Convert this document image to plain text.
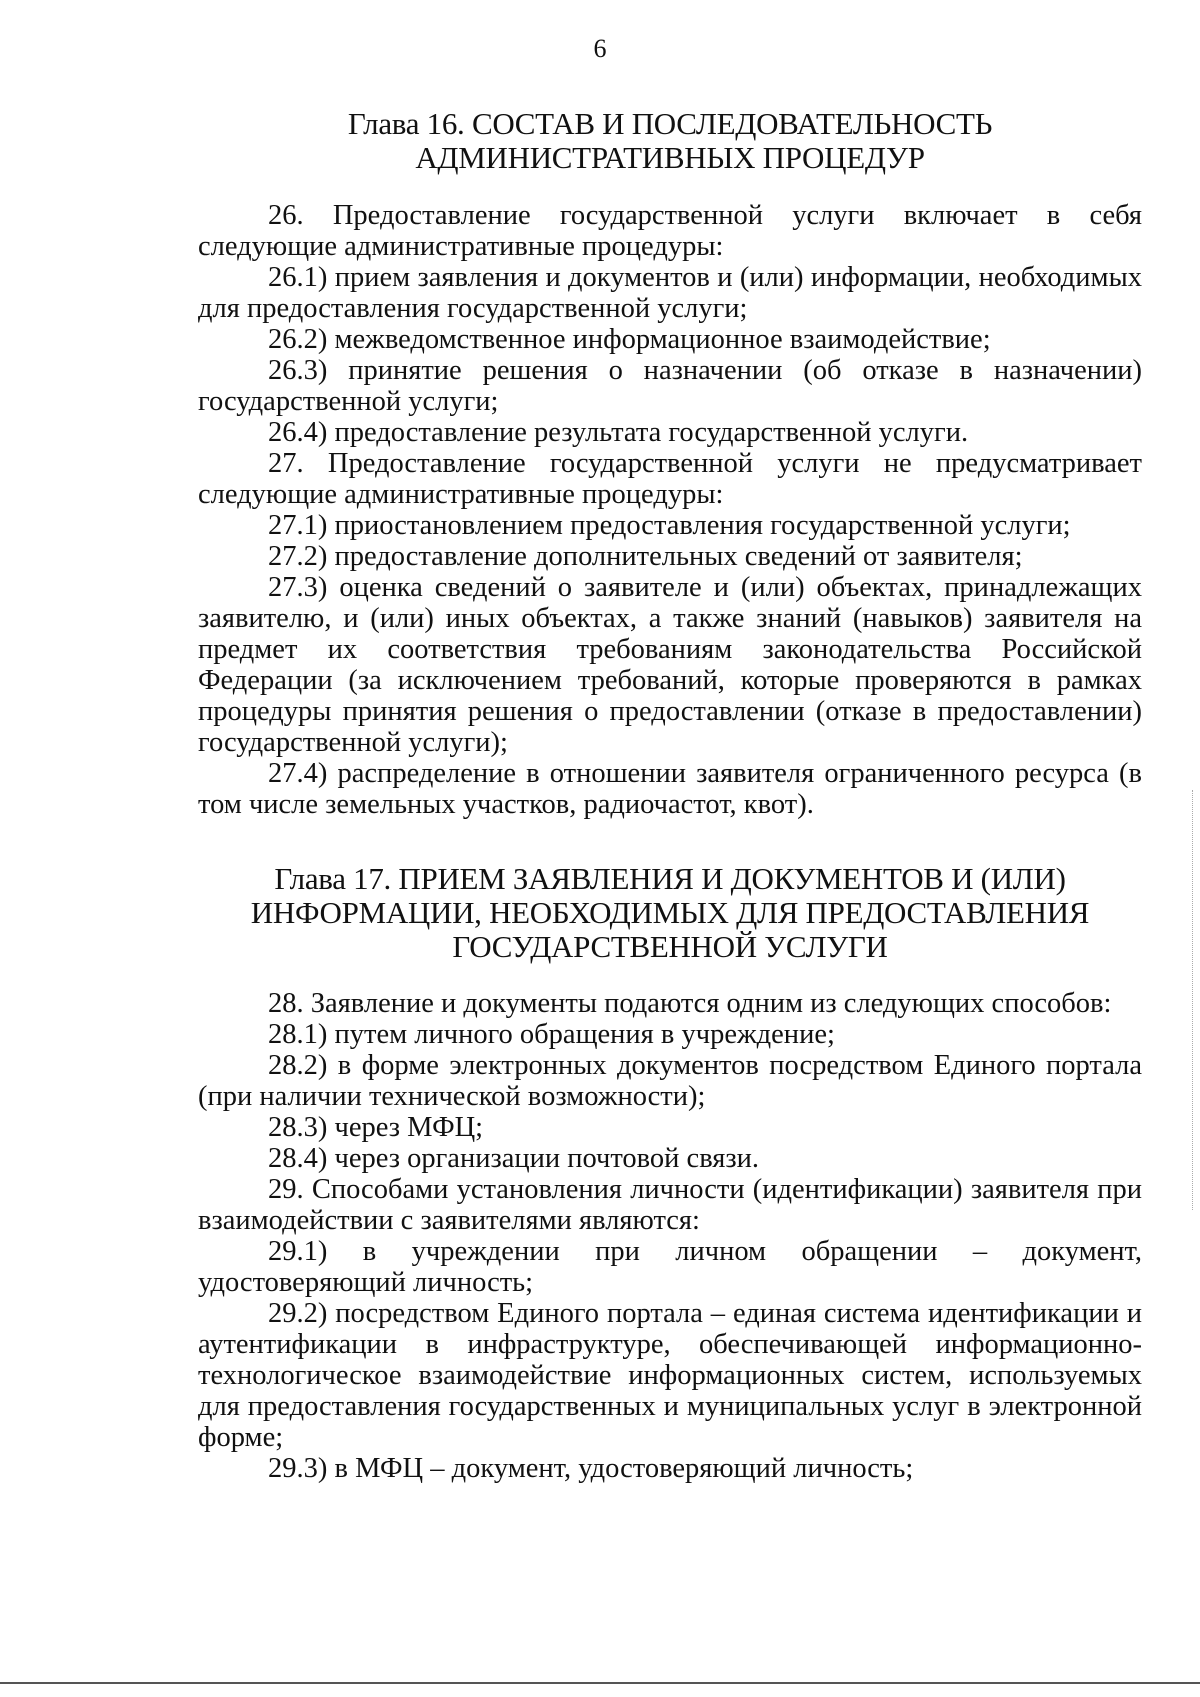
6
Глава 16. СОСТАВ И ПОСЛЕДОВАТЕЛЬНОСТЬ
АДМИНИСТРАТИВНЫХ ПРОЦЕДУР
26. Предоставление государственной услуги включает в себя
следующие административные процедуры:
26.1) прием заявления и документов и (или) информации, необходимых
для предоставления государственной услуги;
26.2) межведомственное информационное взаимодействие;
26.3) принятие решения о назначении (об отказе в назначении)
государственной услуги;
26.4) предоставление результата государственной услуги.
27. Предоставление государственной услуги не предусматривает
следующие административные процедуры:
27.1) приостановлением предоставления государственной услуги;
27.2) предоставление дополнительных сведений от заявителя;
27.3) оценка сведений о заявителе и (или) объектах, принадлежащих
заявителю, и (или) иных объектах, а также знаний (навыков) заявителя на
предмет их соответствия требованиям законодательства Российской
Федерации (за исключением требований, которые проверяются в рамках
процедуры принятия решения о предоставлении (отказе в предоставлении)
государственной услуги);
27.4) распределение в отношении заявителя ограниченного ресурса (в
том числе земельных участков, радиочастот, квот).
Глава 17. ПРИЕМ ЗАЯВЛЕНИЯ И ДОКУМЕНТОВ И (ИЛИ)
ИНФОРМАЦИИ, НЕОБХОДИМЫХ ДЛЯ ПРЕДОСТАВЛЕНИЯ
ГОСУДАРСТВЕННОЙ УСЛУГИ
28. Заявление и документы подаются одним из следующих способов:
28.1) путем личного обращения в учреждение;
28.2) в форме электронных документов посредством Единого портала
(при наличии технической возможности);
28.3) через МФЦ;
28.4) через организации почтовой связи.
29. Способами установления личности (идентификации) заявителя при
взаимодействии с заявителями являются:
29.1) в учреждении при личном обращении – документ,
удостоверяющий личность;
29.2) посредством Единого портала – единая система идентификации и
аутентификации в инфраструктуре, обеспечивающей информационно-
технологическое взаимодействие информационных систем, используемых
для предоставления государственных и муниципальных услуг в электронной
форме;
29.3) в МФЦ – документ, удостоверяющий личность;
